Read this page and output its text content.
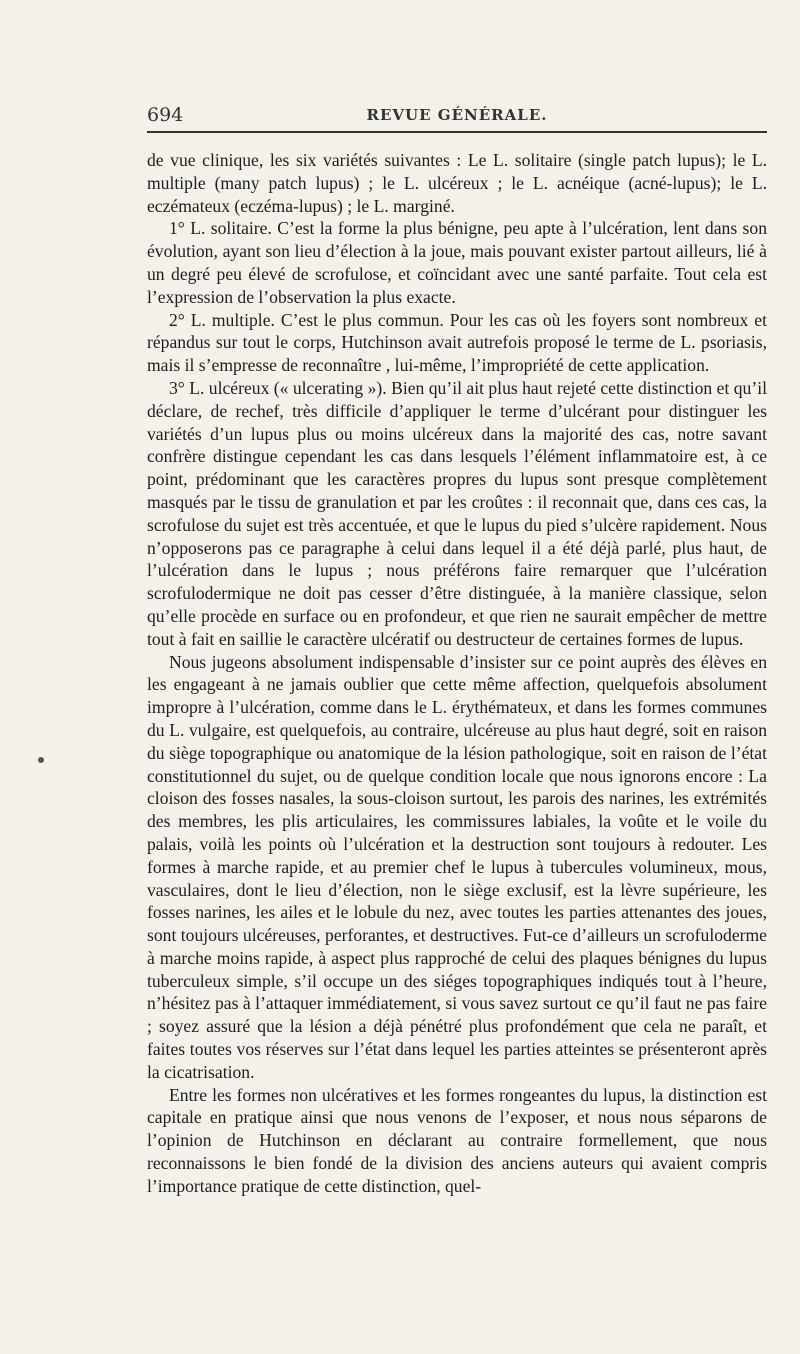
694	REVUE GÉNÉRALE.

de vue clinique, les six variétés suivantes : Le L. solitaire (single patch lupus); le L. multiple (many patch lupus) ; le L. ulcéreux ; le L. acnéique (acné-lupus); le L. eczémateux (eczéma-lupus) ; le L. marginé.

1° L. solitaire. C’est la forme la plus bénigne, peu apte à l’ulcération, lent dans son évolution, ayant son lieu d’élection à la joue, mais pouvant exister partout ailleurs, lié à un degré peu élevé de scrofulose, et coïncidant avec une santé parfaite. Tout cela est l’expression de l’observation la plus exacte.

2° L. multiple. C’est le plus commun. Pour les cas où les foyers sont nombreux et répandus sur tout le corps, Hutchinson avait autrefois proposé le terme de L. psoriasis, mais il s’empresse de reconnaître , lui-même, l’impropriété de cette application.

3° L. ulcéreux (« ulcerating »). Bien qu’il ait plus haut rejeté cette distinction et qu’il déclare, de rechef, très difficile d’appliquer le terme d’ulcérant pour distinguer les variétés d’un lupus plus ou moins ulcéreux dans la majorité des cas, notre savant confrère distingue cependant les cas dans lesquels l’élément inflammatoire est, à ce point, prédominant que les caractères propres du lupus sont presque complètement masqués par le tissu de granulation et par les croûtes : il reconnait que, dans ces cas, la scrofulose du sujet est très accentuée, et que le lupus du pied s’ulcère rapidement. Nous n’opposerons pas ce paragraphe à celui dans lequel il a été déjà parlé, plus haut, de l’ulcération dans le lupus ; nous préférons faire remarquer que l’ulcération scrofulodermique ne doit pas cesser d’être distinguée, à la manière classique, selon qu’elle procède en surface ou en profondeur, et que rien ne saurait empêcher de mettre tout à fait en saillie le caractère ulcératif ou destructeur de certaines formes de lupus.

Nous jugeons absolument indispensable d’insister sur ce point auprès des élèves en les engageant à ne jamais oublier que cette même affection, quelquefois absolument impropre à l’ulcération, comme dans le L. érythémateux, et dans les formes communes du L. vulgaire, est quelquefois, au contraire, ulcéreuse au plus haut degré, soit en raison du siège topographique ou anatomique de la lésion pathologique, soit en raison de l’état constitutionnel du sujet, ou de quelque condition locale que nous ignorons encore : La cloison des fosses nasales, la sous-cloison surtout, les parois des narines, les extrémités des membres, les plis articulaires, les commissures labiales, la voûte et le voile du palais, voilà les points où l’ulcération et la destruction sont toujours à redouter. Les formes à marche rapide, et au premier chef le lupus à tubercules volumineux, mous, vasculaires, dont le lieu d’élection, non le siège exclusif, est la lèvre supérieure, les fosses narines, les ailes et le lobule du nez, avec toutes les parties attenantes des joues, sont toujours ulcéreuses, perforantes, et destructives. Fut-ce d’ailleurs un scrofuloderme à marche moins rapide, à aspect plus rapproché de celui des plaques bénignes du lupus tuberculeux simple, s’il occupe un des siéges topographiques indiqués tout à l’heure, n’hésitez pas à l’attaquer immédiatement, si vous savez surtout ce qu’il faut ne pas faire ; soyez assuré que la lésion a déjà pénétré plus profondément que cela ne paraît, et faites toutes vos réserves sur l’état dans lequel les parties atteintes se présenteront après la cicatrisation.

Entre les formes non ulcératives et les formes rongeantes du lupus, la distinction est capitale en pratique ainsi que nous venons de l’exposer, et nous nous séparons de l’opinion de Hutchinson en déclarant au contraire formellement, que nous reconnaissons le bien fondé de la division des anciens auteurs qui avaient compris l’importance pratique de cette distinction, quel-
